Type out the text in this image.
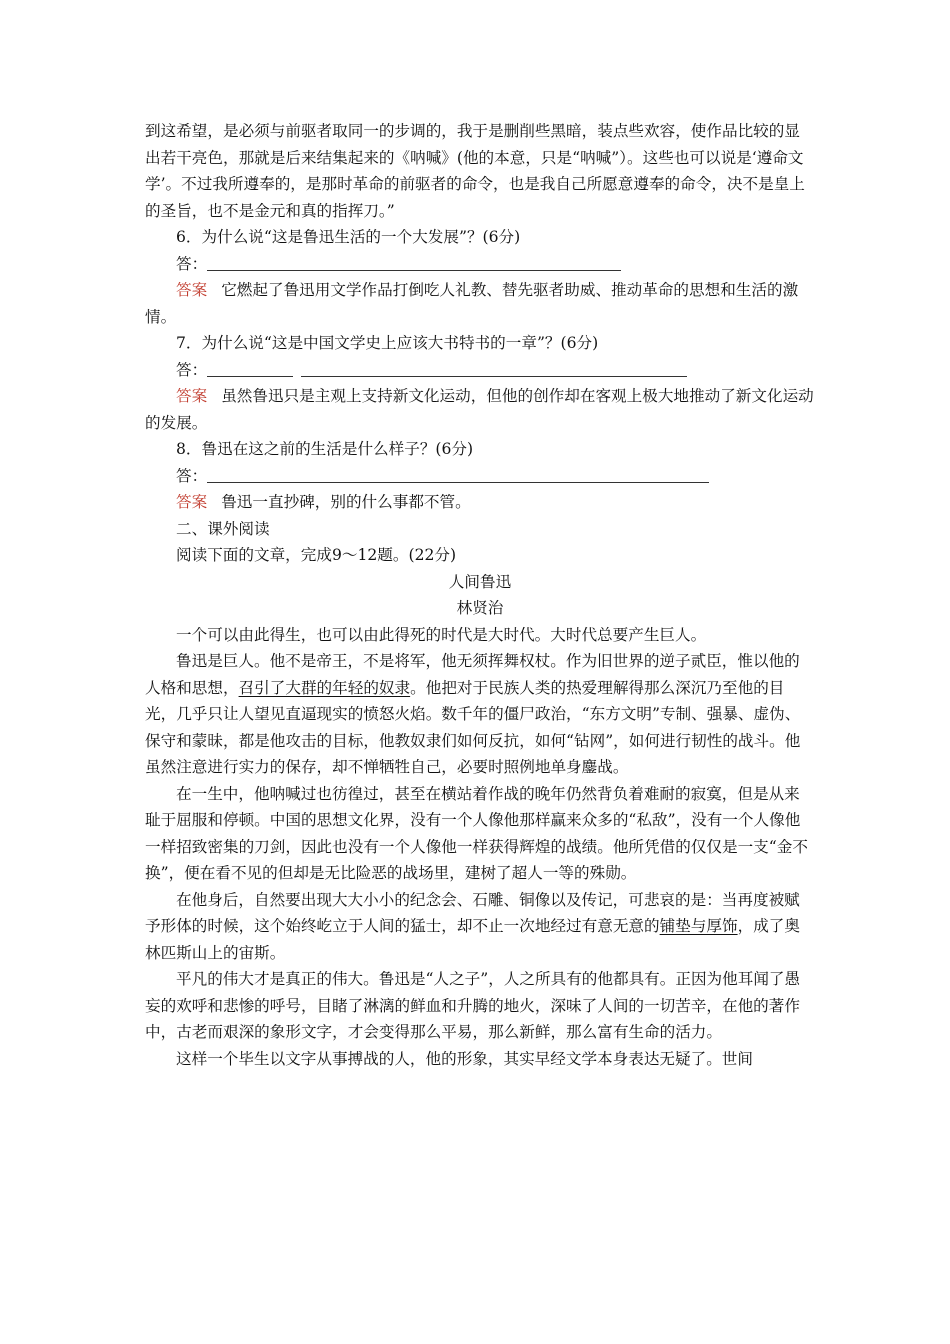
到这希望，是必须与前驱者取同一的步调的，我于是删削些黑暗，装点些欢容，使作品比较的显出若干亮色，那就是后来结集起来的《呐喊》(他的本意，只是“呐喊”）。这些也可以说是‘遵命文学’。不过我所遵奉的，是那时革命的前驱者的命令，也是我自己所愿意遵奉的命令，决不是皇上的圣旨，也不是金元和真的指挥刀。”

6．为什么说“这是鲁迅生活的一个大发展”？(6分)

答：

答案 它燃起了鲁迅用文学作品打倒吃人礼教、替先驱者助威、推动革命的思想和生活的激情。

7．为什么说“这是中国文学史上应该大书特书的一章”？(6分)

答：

答案 虽然鲁迅只是主观上支持新文化运动，但他的创作却在客观上极大地推动了新文化运动的发展。

8．鲁迅在这之前的生活是什么样子？(6分)

答：

答案 鲁迅一直抄碑，别的什么事都不管。

二、课外阅读

阅读下面的文章，完成9～12题。(22分)

人间鲁迅

林贤治

一个可以由此得生，也可以由此得死的时代是大时代。大时代总要产生巨人。

鲁迅是巨人。他不是帝王，不是将军，他无须挥舞权杖。作为旧世界的逆子贰臣，惟以他的人格和思想，召引了大群的年轻的奴隶。他把对于民族人类的热爱理解得那么深沉乃至他的目光，几乎只让人望见直逼现实的愤怒火焰。数千年的僵尸政治，“东方文明”专制、强暴、虚伪、保守和蒙昧，都是他攻击的目标，他教奴隶们如何反抗，如何“钻网”，如何进行韧性的战斗。他虽然注意进行实力的保存，却不惮牺牲自己，必要时照例地单身鏖战。

在一生中，他呐喊过也彷徨过，甚至在横站着作战的晚年仍然背负着难耐的寂寞，但是从来耻于屈服和停顿。中国的思想文化界，没有一个人像他那样赢来众多的“私敌”，没有一个人像他一样招致密集的刀剑，因此也没有一个人像他一样获得辉煌的战绩。他所凭借的仅仅是一支“金不换”，便在看不见的但却是无比险恶的战场里，建树了超人一等的殊勋。

在他身后，自然要出现大大小小的纪念会、石雕、铜像以及传记，可悲哀的是：当再度被赋予形体的时候，这个始终屹立于人间的猛士，却不止一次地经过有意无意的铺垫与厚饰，成了奥林匹斯山上的宙斯。

平凡的伟大才是真正的伟大。鲁迅是“人之子”，人之所具有的他都具有。正因为他耳闻了愚妄的欢呼和悲惨的呼号，目睹了淋漓的鲜血和升腾的地火，深味了人间的一切苦辛，在他的著作中，古老而艰深的象形文字，才会变得那么平易，那么新鲜，那么富有生命的活力。

这样一个毕生以文字从事搏战的人，他的形象，其实早经文学本身表达无疑了。世间
